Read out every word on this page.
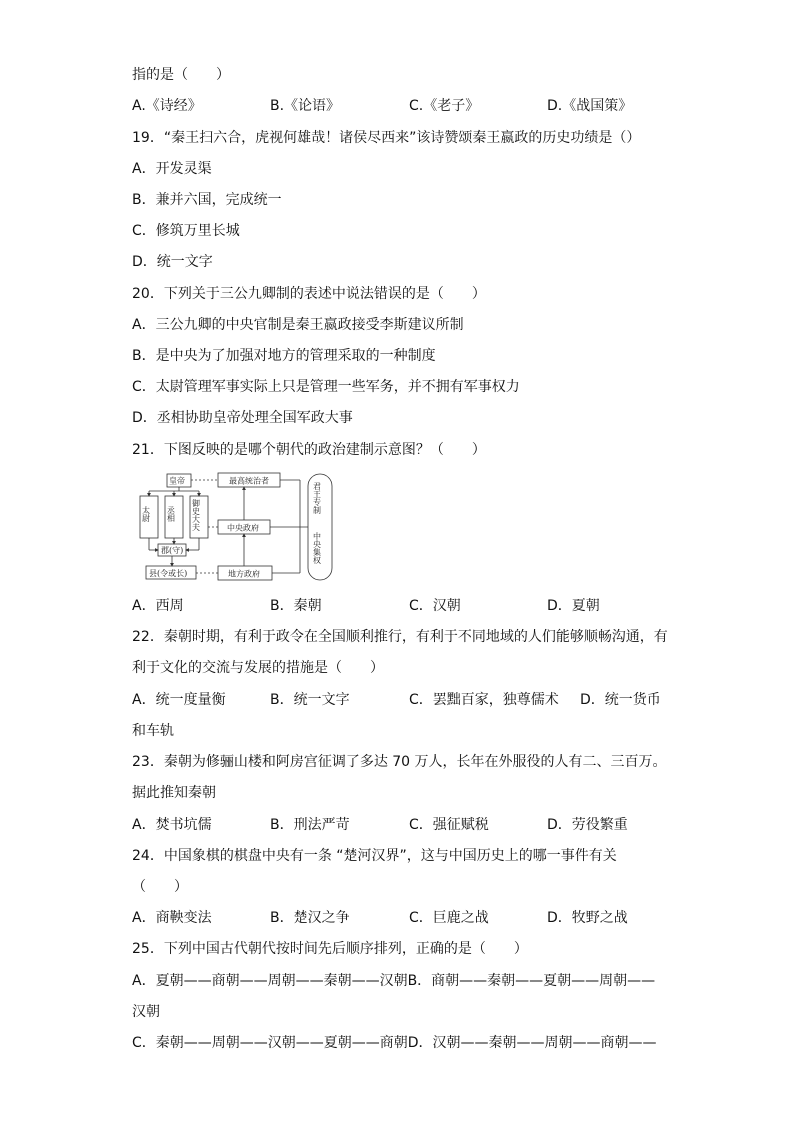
指的是（　　）
A.《诗经》	B.《论语》	C.《老子》	D.《战国策》
19．“秦王扫六合，虎视何雄哉！诸侯尽西来”该诗赞颂秦王嬴政的历史功绩是（）
A．开发灵渠
B．兼并六国，完成统一
C．修筑万里长城
D．统一文字
20．下列关于三公九卿制的表述中说法错误的是（　　）
A．三公九卿的中央官制是秦王嬴政接受李斯建议所制
B．是中央为了加强对地方的管理采取的一种制度
C．太尉管理军事实际上只是管理一些军务，并不拥有军事权力
D．丞相协助皇帝处理全国军政大事
21．下图反映的是哪个朝代的政治建制示意图？（　　）
皇帝
太尉 丞相 御史大夫
郡(守)
县(令或长)
最高统治者
中央政府
地方政府
君王专制
中央集权
A．西周	B．秦朝	C．汉朝	D．夏朝
22．秦朝时期，有利于政令在全国顺利推行，有利于不同地域的人们能够顺畅沟通，有
利于文化的交流与发展的措施是（　　）
A．统一度量衡	B．统一文字	C．罢黜百家，独尊儒术 D．统一货币
和车轨
23．秦朝为修骊山楼和阿房宫征调了多达 70 万人，长年在外服役的人有二、三百万。
据此推知秦朝
A．焚书坑儒	B．刑法严苛	C．强征赋税	D．劳役繁重
24．中国象棋的棋盘中央有一条 “楚河汉界”，这与中国历史上的哪一事件有关
（　　）
A．商鞅变法	B．楚汉之争	C．巨鹿之战	D．牧野之战
25．下列中国古代朝代按时间先后顺序排列，正确的是（　　）
A．夏朝——商朝——周朝——秦朝——汉朝B．商朝——秦朝——夏朝——周朝——
汉朝
C．秦朝——周朝——汉朝——夏朝——商朝D．汉朝——秦朝——周朝——商朝——
